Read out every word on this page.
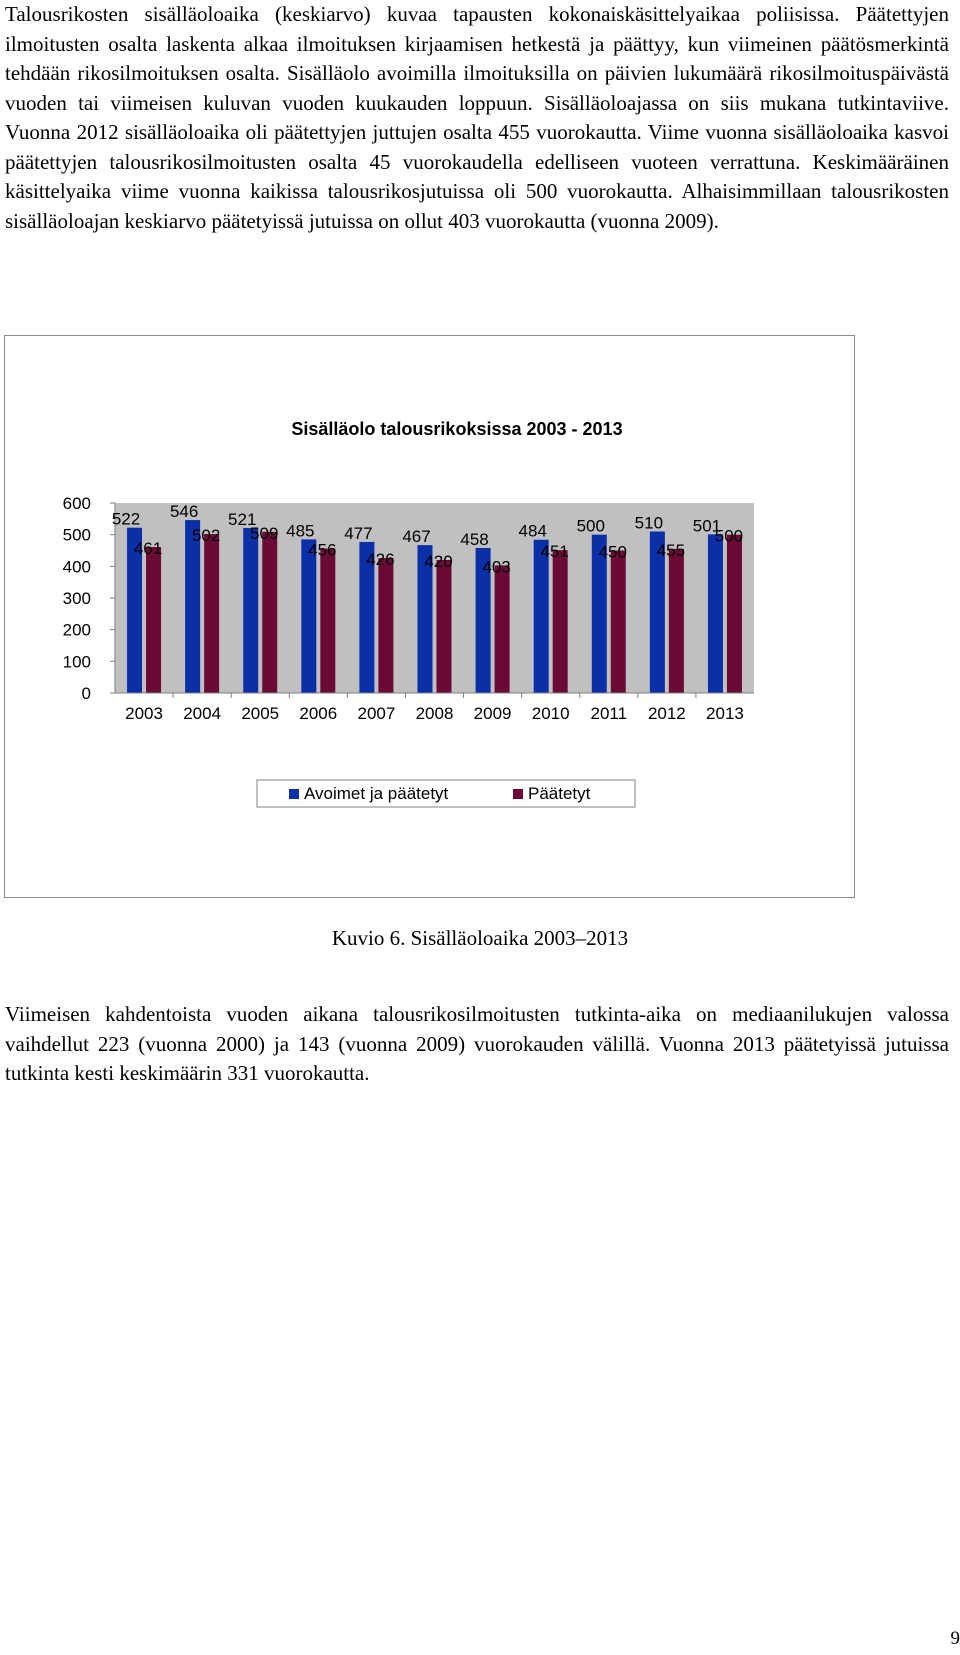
Talousrikosten sisälläoloaika (keskiarvo) kuvaa tapausten kokonaiskäsittelyaikaa poliisissa. Päätettyjen ilmoitusten osalta laskenta alkaa ilmoituksen kirjaamisen hetkestä ja päättyy, kun viimeinen päätösmerkintä tehdään rikosilmoituksen osalta. Sisälläolo avoimilla ilmoituksilla on päivien lukumäärä rikosilmoituspäivästä vuoden tai viimeisen kuluvan vuoden kuukauden loppuun. Sisälläoloajassa on siis mukana tutkintaviive. Vuonna 2012 sisälläoloaika oli päätettyjen juttujen osalta 455 vuorokautta. Viime vuonna sisälläoloaika kasvoi päätettyjen talousrikosilmoitusten osalta 45 vuorokaudella edelliseen vuoteen verrattuna. Keskimääräinen käsittelyaika viime vuonna kaikissa talousrikosjutuissa oli 500 vuorokautta. Alhaisimmillaan talousrikosten sisälläoloajan keskiarvo päätetyissä jutuissa on ollut 403 vuorokautta (vuonna 2009).

Sisälläolo talousrikoksissa 2003 - 2013
0
100
200
300
400
500
600
522
461
546
502
521
509 485
456
477
426
467
420
458
403
484
451
500
450
510
455
501
500
2003 2004 2005 2006 2007 2008 2009 2010 2011 2012 2013
Avoimet ja päätetyt	Päätetyt
Kuvio 6. Sisälläoloaika 2003–2013

Viimeisen kahdentoista vuoden aikana talousrikosilmoitusten tutkinta-aika on mediaanilukujen valossa vaihdellut 223 (vuonna 2000) ja 143 (vuonna 2009) vuorokauden välillä. Vuonna 2013 päätetyissä jutuissa tutkinta kesti keskimäärin 331 vuorokautta.

9
